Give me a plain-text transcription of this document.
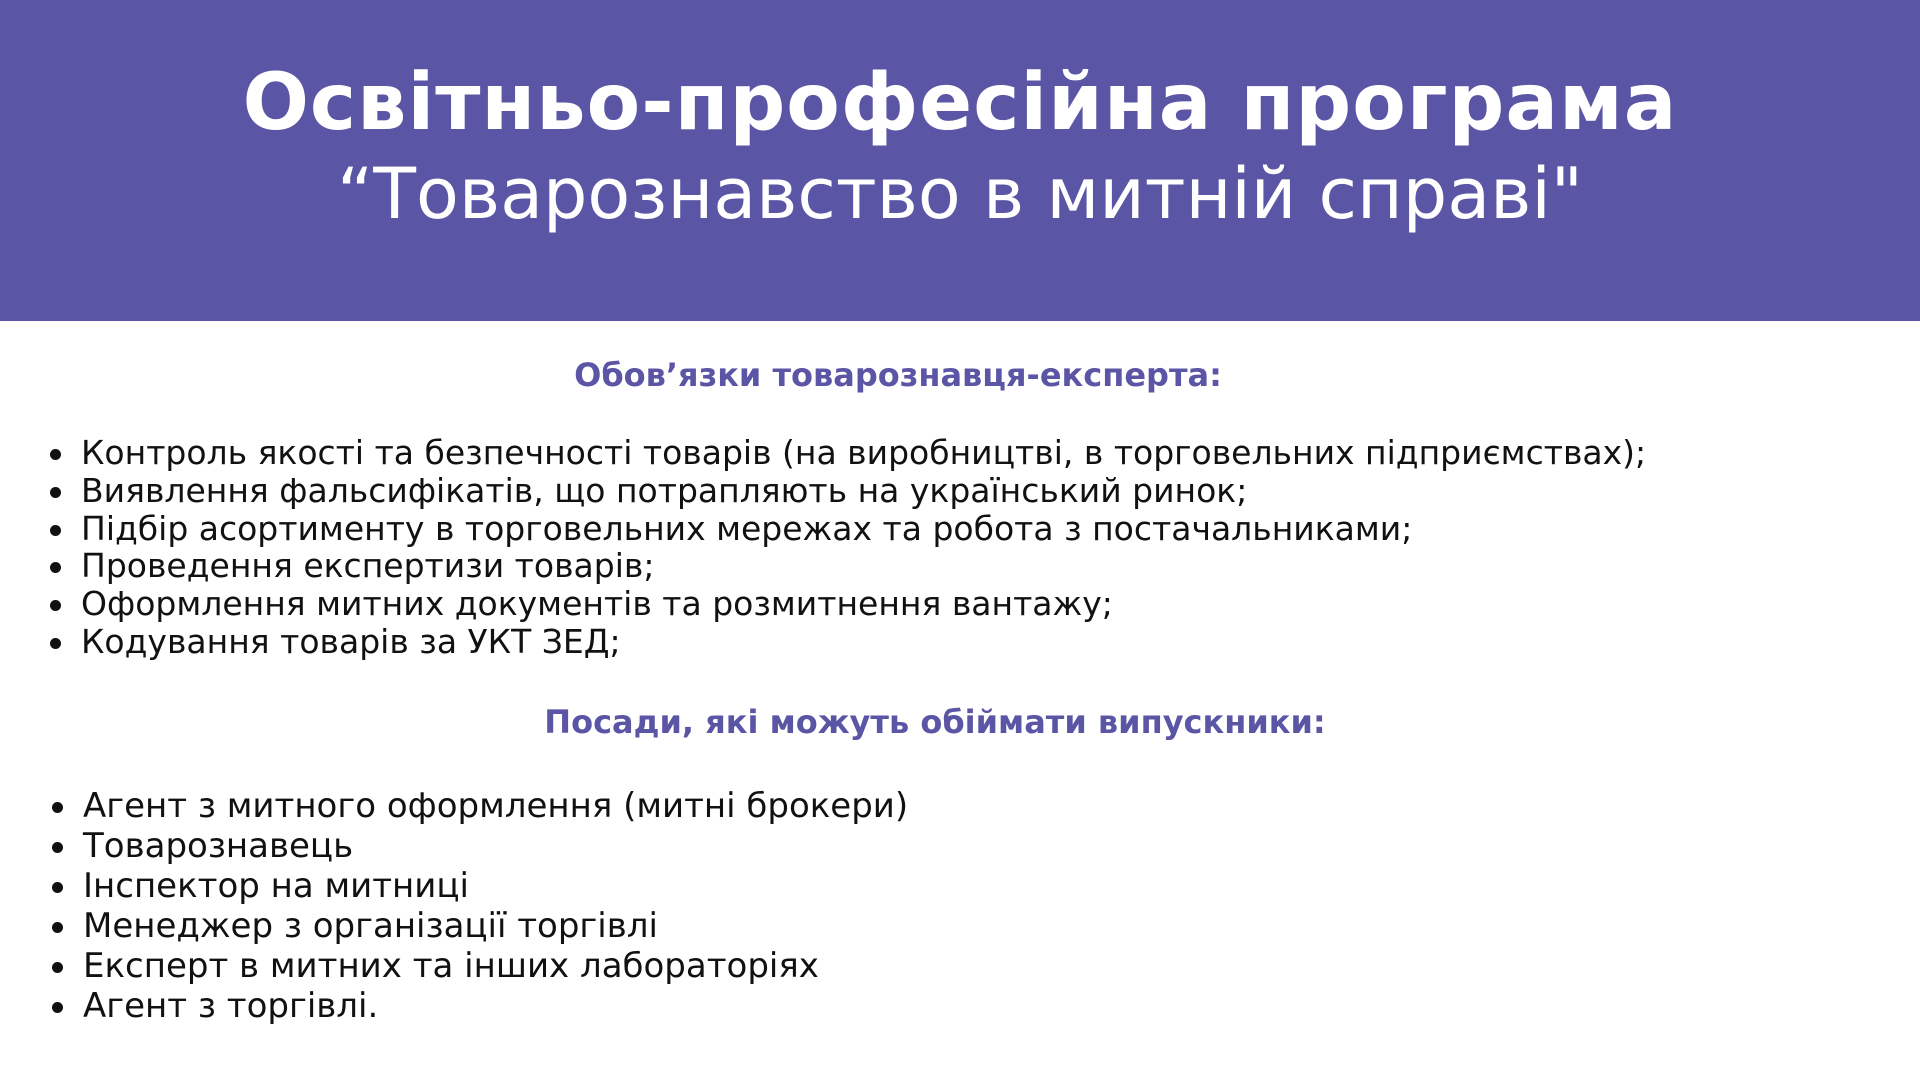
Освітньо-професійна програма
“Товарознавство в митній справі"
Обов’язки товарознавця-експерта:
Контроль якості та безпечності товарів (на виробництві, в торговельних підприємствах);
Виявлення фальсифікатів, що потрапляють на український ринок;
Підбір асортименту в торговельних мережах та робота з постачальниками;
Проведення експертизи товарів;
Оформлення митних документів та розмитнення вантажу;
Кодування товарів за УКТ ЗЕД;
Посади, які можуть обіймати випускники:
Агент з митного оформлення (митні брокери)
Товарознавець
Інспектор на митниці
Менеджер з організації торгівлі
Експерт в митних та інших лабораторіях
Агент з торгівлі.
